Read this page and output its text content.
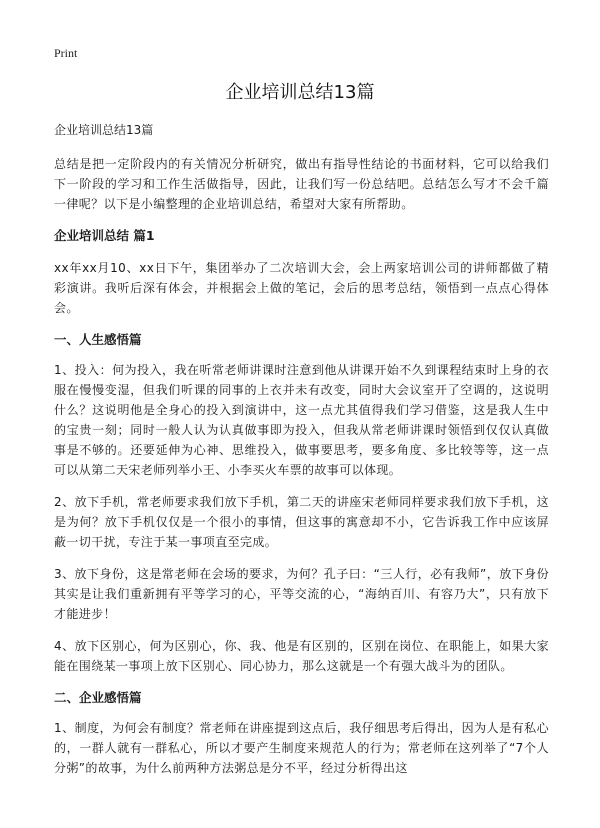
Print
企业培训总结13篇
企业培训总结13篇

总结是把一定阶段内的有关情况分析研究，做出有指导性结论的书面材料，它可以给我们下一阶段的学习和工作生活做指导，因此，让我们写一份总结吧。总结怎么写才不会千篇一律呢？以下是小编整理的企业培训总结，希望对大家有所帮助。

企业培训总结 篇1

xx年xx月10、xx日下午，集团举办了二次培训大会，会上两家培训公司的讲师都做了精彩演讲。我听后深有体会，并根据会上做的笔记，会后的思考总结，领悟到一点点心得体会。

一、人生感悟篇

1、投入：何为投入，我在听常老师讲课时注意到他从讲课开始不久到课程结束时上身的衣服在慢慢变湿，但我们听课的同事的上衣并未有改变，同时大会议室开了空调的，这说明什么？这说明他是全身心的投入到演讲中，这一点尤其值得我们学习借鉴，这是我人生中的宝贵一刻；同时一般人认为认真做事即为投入，但我从常老师讲课时领悟到仅仅认真做事是不够的。还要延伸为心神、思维投入，做事要思考，要多角度、多比较等等，这一点可以从第二天宋老师列举小王、小李买火车票的故事可以体现。

2、放下手机，常老师要求我们放下手机，第二天的讲座宋老师同样要求我们放下手机，这是为何？放下手机仅仅是一个很小的事情，但这事的寓意却不小，它告诉我工作中应该屏蔽一切干扰，专注于某一事项直至完成。

3、放下身份，这是常老师在会场的要求，为何？孔子曰：“三人行，必有我师”，放下身份其实是让我们重新拥有平等学习的心，平等交流的心，“海纳百川、有容乃大”，只有放下才能进步！

4、放下区别心，何为区别心，你、我、他是有区别的，区别在岗位、在职能上，如果大家能在围绕某一事项上放下区别心、同心协力，那么这就是一个有强大战斗为的团队。

二、企业感悟篇

1、制度，为何会有制度？常老师在讲座提到这点后，我仔细思考后得出，因为人是有私心的，一群人就有一群私心，所以才要产生制度来规范人的行为；常老师在这列举了“7个人分粥”的故事，为什么前两种方法粥总是分不平，经过分析得出这
